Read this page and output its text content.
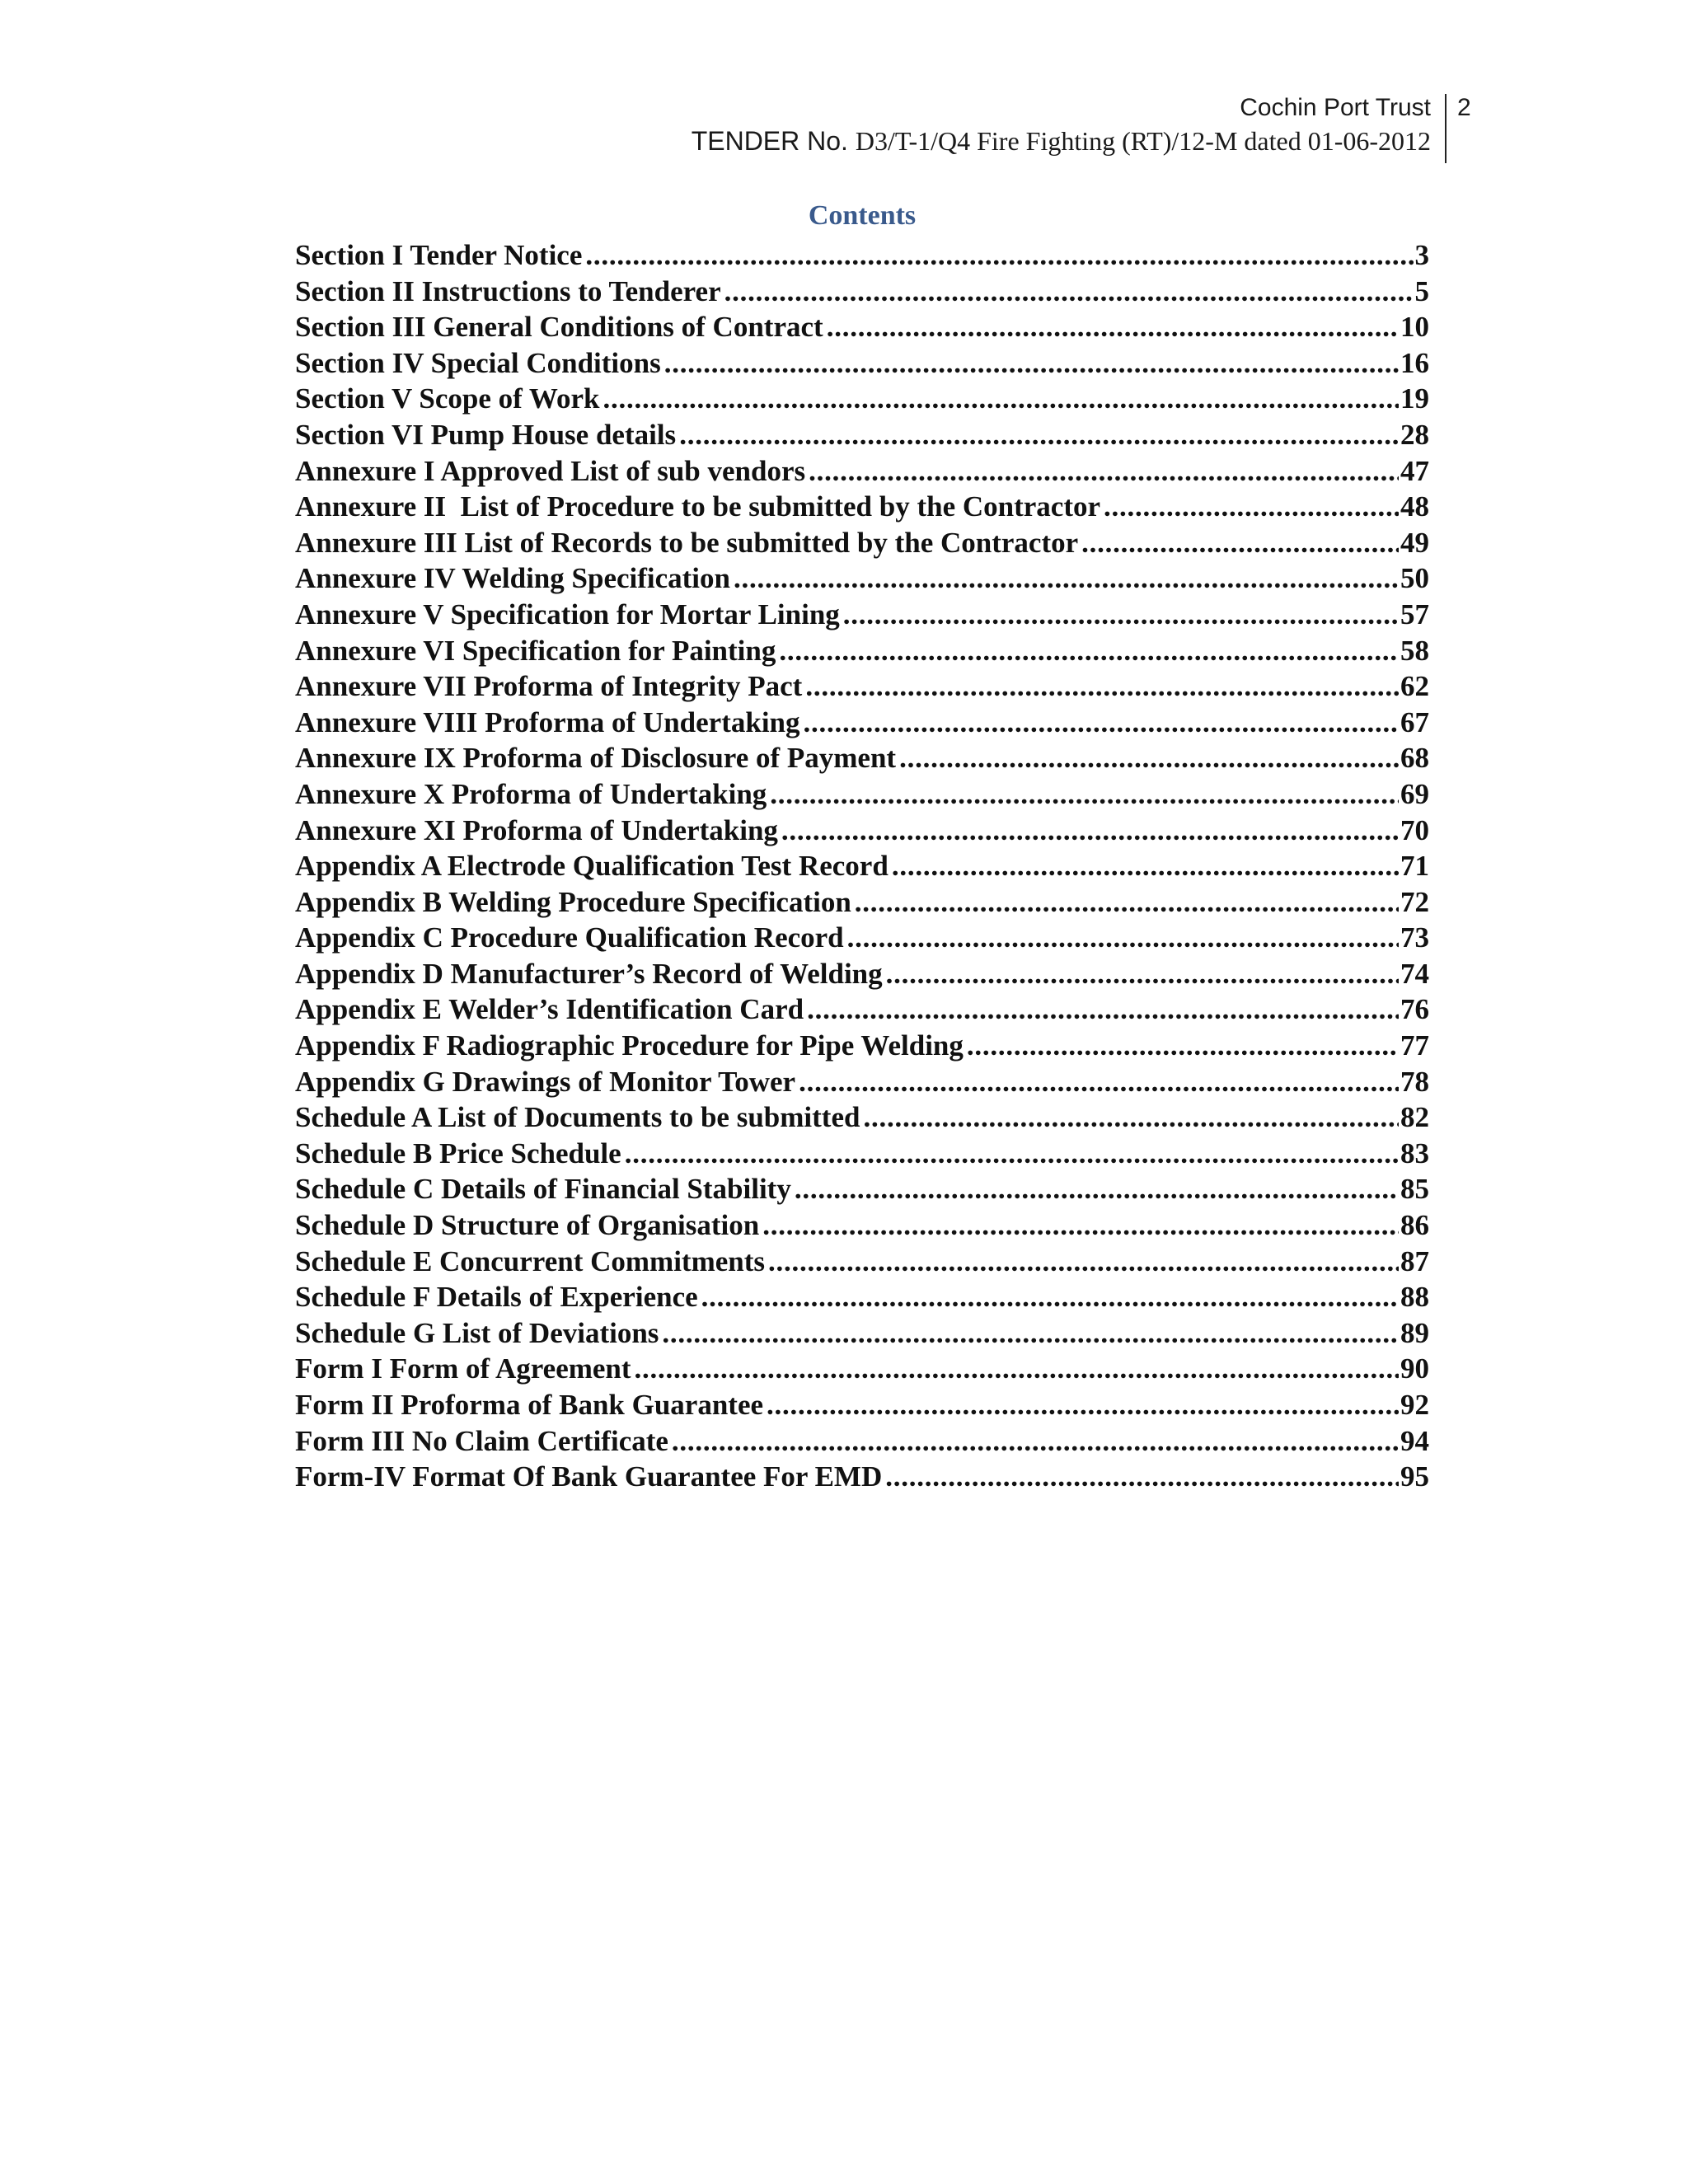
Cochin Port Trust
TENDER No. D3/T-1/Q4 Fire Fighting (RT)/12-M dated 01-06-2012
2
Contents
Section I Tender Notice . . .	3
Section II Instructions to Tenderer . . .	5
Section III General Conditions of Contract . . .	10
Section IV Special Conditions . . .	16
Section V Scope of Work . . .	19
Section VI Pump House details . . .	28
Annexure I Approved List of sub vendors . . .	47
Annexure II  List of Procedure to be submitted by the Contractor . . .	48
Annexure III List of Records to be submitted by the Contractor . . .	49
Annexure IV Welding Specification . . .	50
Annexure V Specification for Mortar Lining . . .	57
Annexure VI Specification for Painting . . .	58
Annexure VII Proforma of Integrity Pact . . .	62
Annexure VIII Proforma of Undertaking . . .	67
Annexure IX Proforma of Disclosure of Payment . . .	68
Annexure X Proforma of Undertaking . . .	69
Annexure XI Proforma of Undertaking . . .	70
Appendix A Electrode Qualification Test Record . . .	71
Appendix B Welding Procedure Specification . . .	72
Appendix C Procedure Qualification Record . . .	73
Appendix D Manufacturer’s Record of Welding . . .	74
Appendix E Welder’s Identification Card . . .	76
Appendix F Radiographic Procedure for Pipe Welding . . .	77
Appendix G Drawings of Monitor Tower . . .	78
Schedule A List of Documents to be submitted . . .	82
Schedule B Price Schedule . . .	83
Schedule C Details of Financial Stability . . .	85
Schedule D Structure of Organisation . . .	86
Schedule E Concurrent Commitments . . .	87
Schedule F Details of Experience . . .	88
Schedule G List of Deviations . . .	89
Form I Form of Agreement . . .	90
Form II Proforma of Bank Guarantee . . .	92
Form III No Claim Certificate . . .	94
Form-IV Format Of Bank Guarantee For EMD . . .	95
